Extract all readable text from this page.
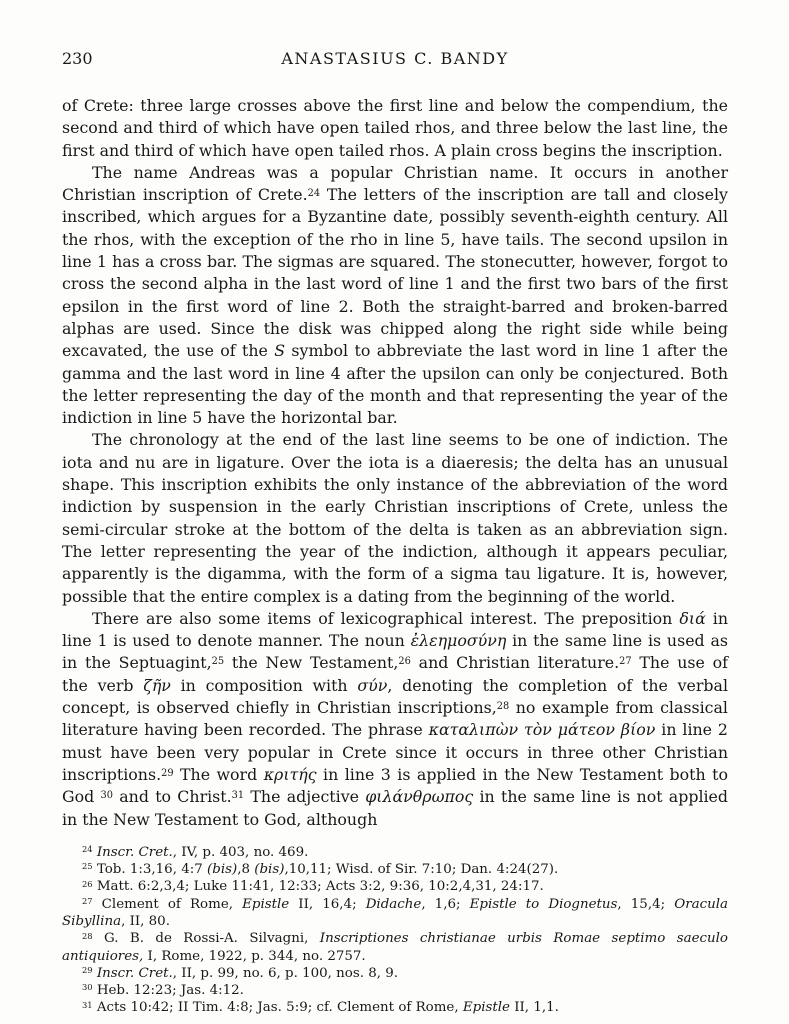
230	ANASTASIUS C. BANDY

of Crete: three large crosses above the first line and below the compendium, the second and third of which have open tailed rhos, and three below the last line, the first and third of which have open tailed rhos. A plain cross begins the inscription.

The name Andreas was a popular Christian name. It occurs in another Christian inscription of Crete.$^{24}$ The letters of the inscription are tall and closely inscribed, which argues for a Byzantine date, possibly seventh-eighth century. All the rhos, with the exception of the rho in line 5, have tails. The second upsilon in line 1 has a cross bar. The sigmas are squared. The stonecutter, however, forgot to cross the second alpha in the last word of line 1 and the first two bars of the first epsilon in the first word of line 2. Both the straight-barred and broken-barred alphas are used. Since the disk was chipped along the right side while being excavated, the use of the S symbol to abbreviate the last word in line 1 after the gamma and the last word in line 4 after the upsilon can only be conjectured. Both the letter representing the day of the month and that representing the year of the indiction in line 5 have the horizontal bar.

The chronology at the end of the last line seems to be one of indiction. The iota and nu are in ligature. Over the iota is a diaeresis; the delta has an unusual shape. This inscription exhibits the only instance of the abbreviation of the word indiction by suspension in the early Christian inscriptions of Crete, unless the semi-circular stroke at the bottom of the delta is taken as an abbreviation sign. The letter representing the year of the indiction, although it appears peculiar, apparently is the digamma, with the form of a sigma tau ligature. It is, however, possible that the entire complex is a dating from the beginning of the world.

There are also some items of lexicographical interest. The preposition διά in line 1 is used to denote manner. The noun ἐλεημοσύνη in the same line is used as in the Septuagint,$^{25}$ the New Testament,$^{26}$ and Christian literature.$^{27}$ The use of the verb ζῆν in composition with σύν, denoting the completion of the verbal concept, is observed chiefly in Christian inscriptions,$^{28}$ no example from classical literature having been recorded. The phrase καταλιπὼν τὸν μάτεον βίον in line 2 must have been very popular in Crete since it occurs in three other Christian inscriptions.$^{29}$ The word κριτής in line 3 is applied in the New Testament both to God $^{30}$ and to Christ.$^{31}$ The adjective φιλάνθρωπος in the same line is not applied in the New Testament to God, although

$^{24}$ Inscr. Cret., IV, p. 403, no. 469.

$^{25}$ Tob. 1:3,16, 4:7 (bis),8 (bis),10,11; Wisd. of Sir. 7:10; Dan. 4:24(27).

$^{26}$ Matt. 6:2,3,4; Luke 11:41, 12:33; Acts 3:2, 9:36, 10:2,4,31, 24:17.

$^{27}$ Clement of Rome, Epistle II, 16,4; Didache, 1,6; Epistle to Diognetus, 15,4; Oracula Sibyllina, II, 80.

$^{28}$ G. B. de Rossi-A. Silvagni, Inscriptiones christianae urbis Romae septimo saeculo antiquiores, I, Rome, 1922, p. 344, no. 2757.

$^{29}$ Inscr. Cret., II, p. 99, no. 6, p. 100, nos. 8, 9.

$^{30}$ Heb. 12:23; Jas. 4:12.

$^{31}$ Acts 10:42; II Tim. 4:8; Jas. 5:9; cf. Clement of Rome, Epistle II, 1,1.
